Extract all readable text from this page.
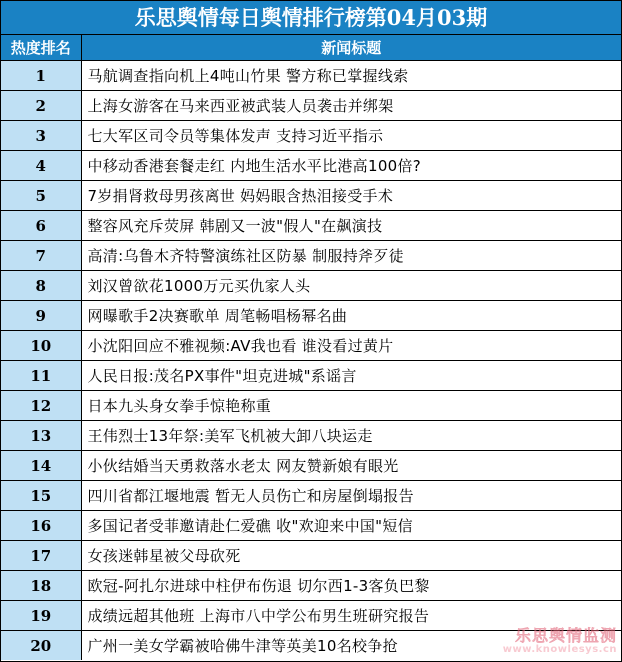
乐思舆情每日舆情排行榜第04月03期
热度排名	新闻标题
1	马航调查指向机上4吨山竹果 警方称已掌握线索
2	上海女游客在马来西亚被武装人员袭击并绑架
3	七大军区司令员等集体发声 支持习近平指示
4	中移动香港套餐走红 内地生活水平比港高100倍?
5	7岁捐肾救母男孩离世 妈妈眼含热泪接受手术
6	整容风充斥荧屏 韩剧又一波"假人"在飙演技
7	高清:乌鲁木齐特警演练社区防暴 制服持斧歹徒
8	刘汉曾欲花1000万元买仇家人头
9	网曝歌手2决赛歌单 周笔畅唱杨幂名曲
10	小沈阳回应不雅视频:AV我也看 谁没看过黄片
11	人民日报:茂名PX事件"坦克进城"系谣言
12	日本九头身女拳手惊艳称重
13	王伟烈士13年祭:美军飞机被大卸八块运走
14	小伙结婚当天勇救落水老太 网友赞新娘有眼光
15	四川省都江堰地震 暂无人员伤亡和房屋倒塌报告
16	多国记者受菲邀请赴仁爱礁 收"欢迎来中国"短信
17	女孩迷韩星被父母砍死
18	欧冠-阿扎尔进球中柱伊布伤退 切尔西1-3客负巴黎
19	成绩远超其他班 上海市八中学公布男生班研究报告
20	广州一美女学霸被哈佛牛津等英美10名校争抢
乐思舆情监测
www.knowlesys.cn
